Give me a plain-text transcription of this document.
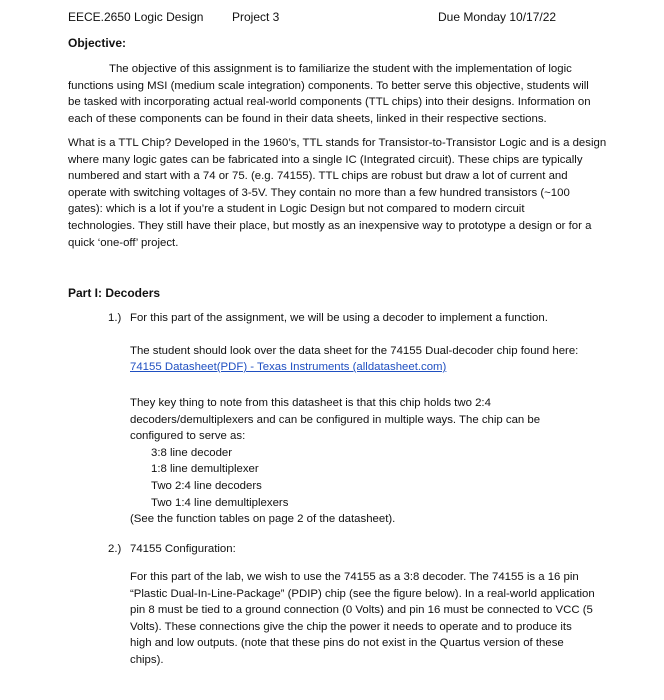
EECE.2650 Logic Design Project 3	Due Monday 10/17/22
Objective:
The objective of this assignment is to familiarize the student with the implementation of logic
functions using MSI (medium scale integration) components. To better serve this objective, students will
be tasked with incorporating actual real-world components (TTL chips) into their designs. Information on
each of these components can be found in their data sheets, linked in their respective sections.
What is a TTL Chip? Developed in the 1960’s, TTL stands for Transistor-to-Transistor Logic and is a design
where many logic gates can be fabricated into a single IC (Integrated circuit). These chips are typically
numbered and start with a 74 or 75. (e.g. 74155). TTL chips are robust but draw a lot of current and
operate with switching voltages of 3-5V. They contain no more than a few hundred transistors (~100
gates): which is a lot if you’re a student in Logic Design but not compared to modern circuit
technologies. They still have their place, but mostly as an inexpensive way to prototype a design or for a
quick ‘one-off’ project.
Part I: Decoders
1.) For this part of the assignment, we will be using a decoder to implement a function.
The student should look over the data sheet for the 74155 Dual-decoder chip found here:
74155 Datasheet(PDF) - Texas Instruments (alldatasheet.com)
They key thing to note from this datasheet is that this chip holds two 2:4
decoders/demultiplexers and can be configured in multiple ways. The chip can be
configured to serve as:
3:8 line decoder
1:8 line demultiplexer
Two 2:4 line decoders
Two 1:4 line demultiplexers
(See the function tables on page 2 of the datasheet).
2.) 74155 Configuration:
For this part of the lab, we wish to use the 74155 as a 3:8 decoder. The 74155 is a 16 pin
“Plastic Dual-In-Line-Package” (PDIP) chip (see the figure below). In a real-world application
pin 8 must be tied to a ground connection (0 Volts) and pin 16 must be connected to VCC (5
Volts). These connections give the chip the power it needs to operate and to produce its
high and low outputs. (note that these pins do not exist in the Quartus version of these
chips).
